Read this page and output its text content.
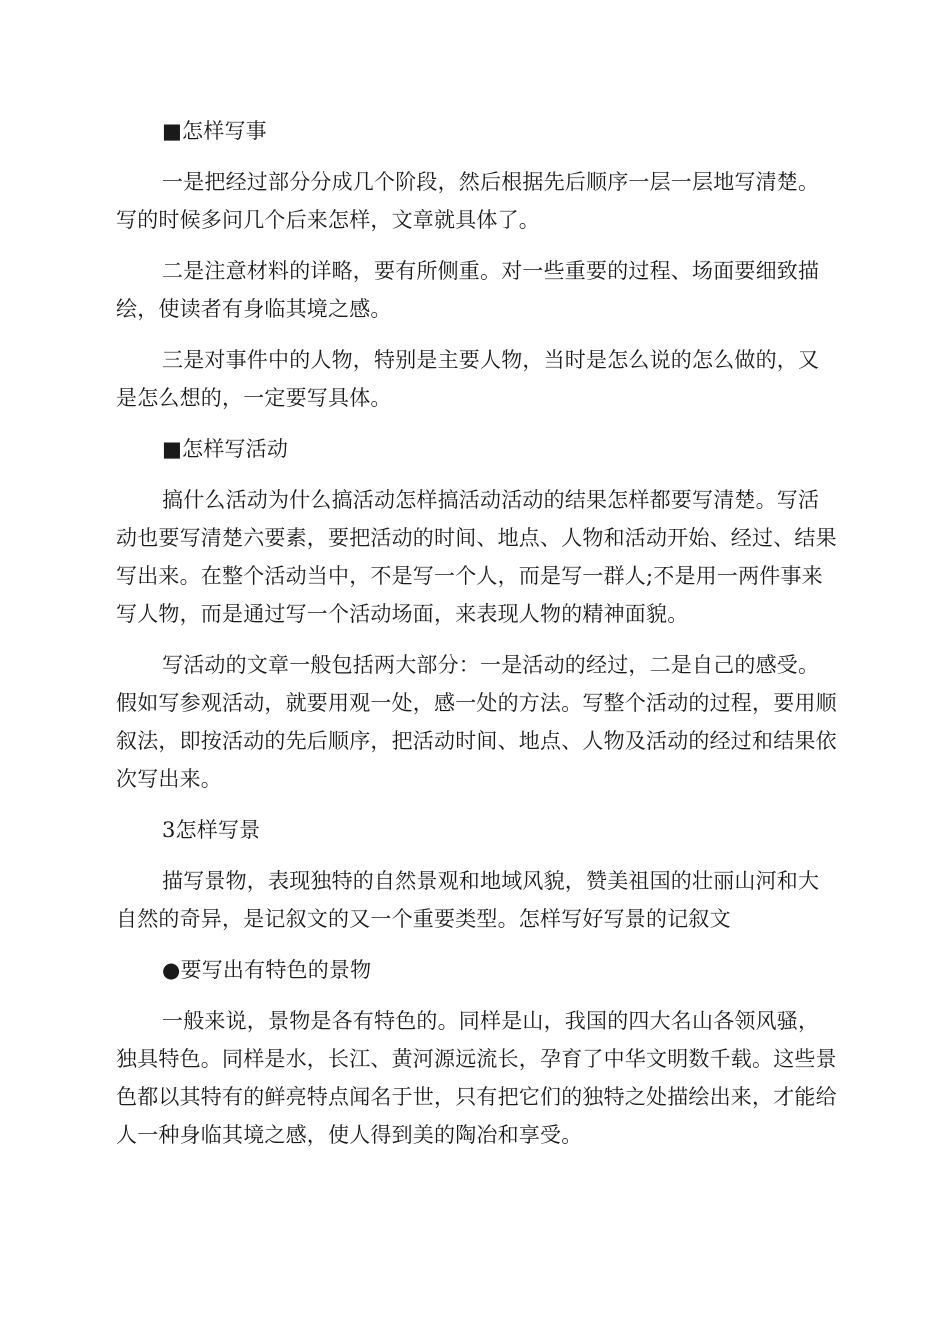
■怎样写事

一是把经过部分分成几个阶段，然后根据先后顺序一层一层地写清楚。写的时候多问几个后来怎样，文章就具体了。

二是注意材料的详略，要有所侧重。对一些重要的过程、场面要细致描绘，使读者有身临其境之感。

三是对事件中的人物，特别是主要人物，当时是怎么说的怎么做的，又是怎么想的，一定要写具体。

■怎样写活动

搞什么活动为什么搞活动怎样搞活动活动的结果怎样都要写清楚。写活动也要写清楚六要素，要把活动的时间、地点、人物和活动开始、经过、结果写出来。在整个活动当中，不是写一个人，而是写一群人;不是用一两件事来写人物，而是通过写一个活动场面，来表现人物的精神面貌。

写活动的文章一般包括两大部分：一是活动的经过，二是自己的感受。假如写参观活动，就要用观一处，感一处的方法。写整个活动的过程，要用顺叙法，即按活动的先后顺序，把活动时间、地点、人物及活动的经过和结果依次写出来。

3怎样写景

描写景物，表现独特的自然景观和地域风貌，赞美祖国的壮丽山河和大自然的奇异，是记叙文的又一个重要类型。怎样写好写景的记叙文

●要写出有特色的景物

一般来说，景物是各有特色的。同样是山，我国的四大名山各领风骚，独具特色。同样是水，长江、黄河源远流长，孕育了中华文明数千载。这些景色都以其特有的鲜亮特点闻名于世，只有把它们的独特之处描绘出来，才能给人一种身临其境之感，使人得到美的陶冶和享受。
